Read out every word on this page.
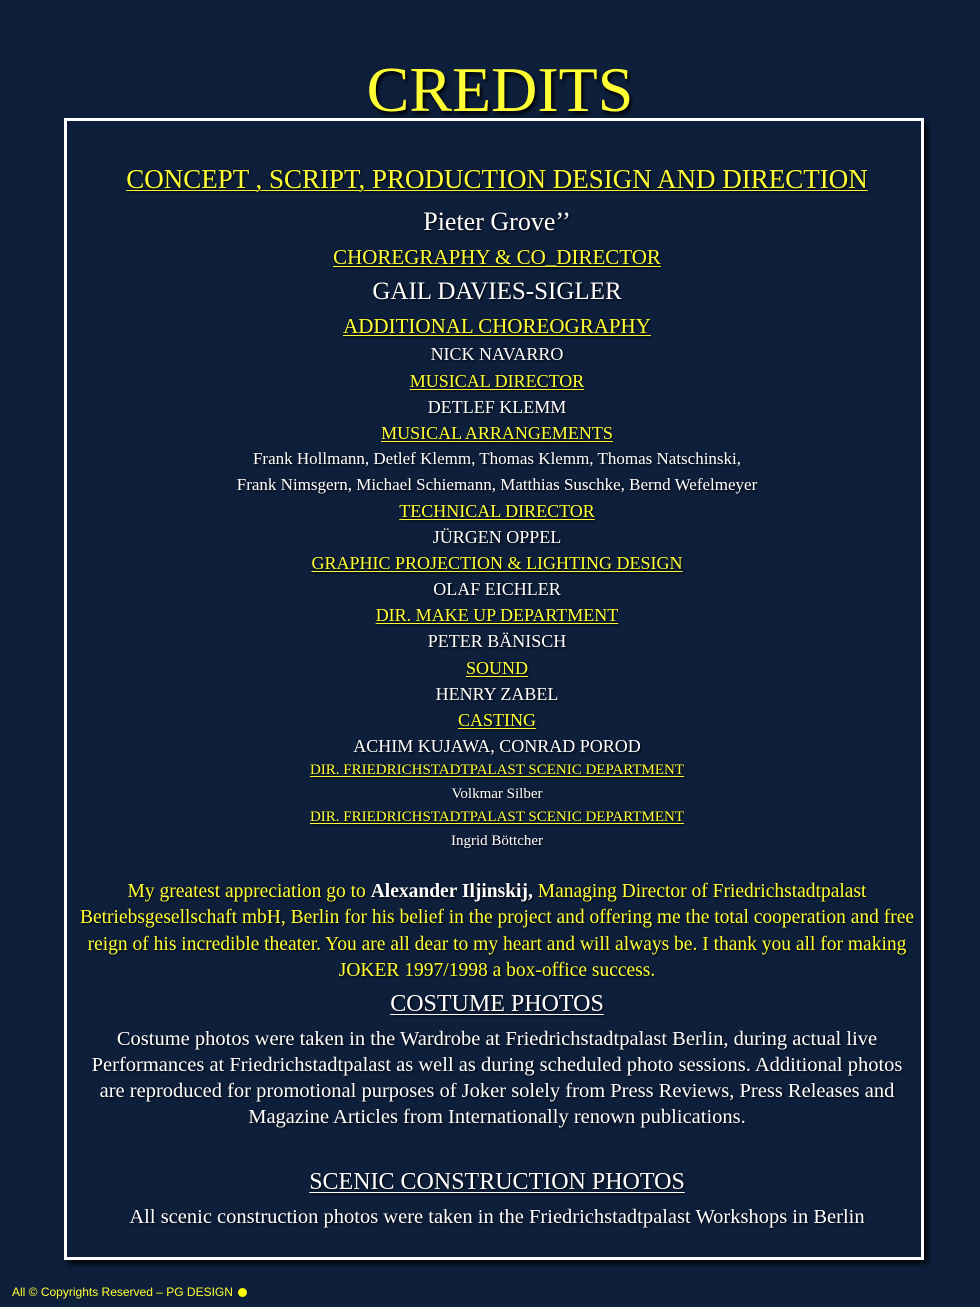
CREDITS
CONCEPT , SCRIPT, PRODUCTION DESIGN AND DIRECTION
Pieter Grove’’
CHOREGRAPHY & CO_DIRECTOR
GAIL DAVIES-SIGLER
ADDITIONAL CHOREOGRAPHY
NICK NAVARRO
MUSICAL DIRECTOR
DETLEF KLEMM
MUSICAL ARRANGEMENTS
Frank Hollmann, Detlef Klemm, Thomas Klemm, Thomas Natschinski,
Frank Nimsgern, Michael Schiemann, Matthias Suschke, Bernd Wefelmeyer
TECHNICAL DIRECTOR
JÜRGEN OPPEL
GRAPHIC PROJECTION & LIGHTING DESIGN
OLAF EICHLER
DIR. MAKE UP DEPARTMENT
PETER BÄNISCH
SOUND
HENRY ZABEL
CASTING
ACHIM KUJAWA, CONRAD POROD
DIR. FRIEDRICHSTADTPALAST SCENIC DEPARTMENT
Volkmar Silber
DIR. FRIEDRICHSTADTPALAST SCENIC DEPARTMENT
Ingrid Böttcher
My greatest appreciation go to Alexander Iljinskij, Managing Director of Friedrichstadtpalast Betriebsgesellschaft mbH, Berlin for his belief in the project and offering me the total cooperation and free reign of his incredible theater. You are all dear to my heart and will always be. I thank you all for making JOKER 1997/1998 a box-office success.
COSTUME PHOTOS
Costume photos were taken in the Wardrobe at Friedrichstadtpalast Berlin, during actual live Performances at Friedrichstadtpalast as well as during scheduled photo sessions. Additional photos are reproduced for promotional purposes of Joker solely from Press Reviews, Press Releases and Magazine Articles from Internationally renown publications.
SCENIC CONSTRUCTION PHOTOS
All scenic construction photos were taken in the Friedrichstadtpalast Workshops in Berlin
All © Copyrights Reserved – PG DESIGN
